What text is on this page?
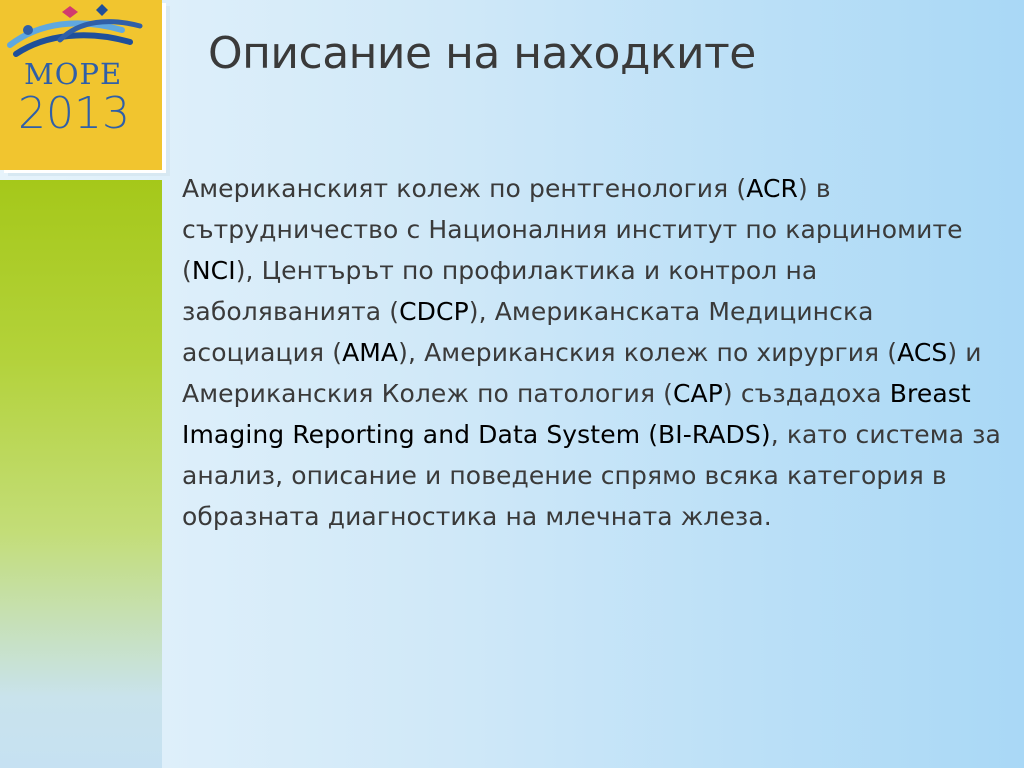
МОРЕ

2013

Описание на находките

Американският колеж по рентгенология (ACR) в сътрудничество с Националния институт по карциномите (NCI), Центърът по профилактика и контрол на заболяванията (CDCP), Американската Медицинска асоциация (AMA), Американския колеж по хирургия (ACS) и Американския Колеж по патология (CAP) създадоха Breast Imaging Reporting and Data System (BI-RADS), като система за анализ, описание и поведение спрямо всяка категория в образната диагностика на млечната жлеза.
